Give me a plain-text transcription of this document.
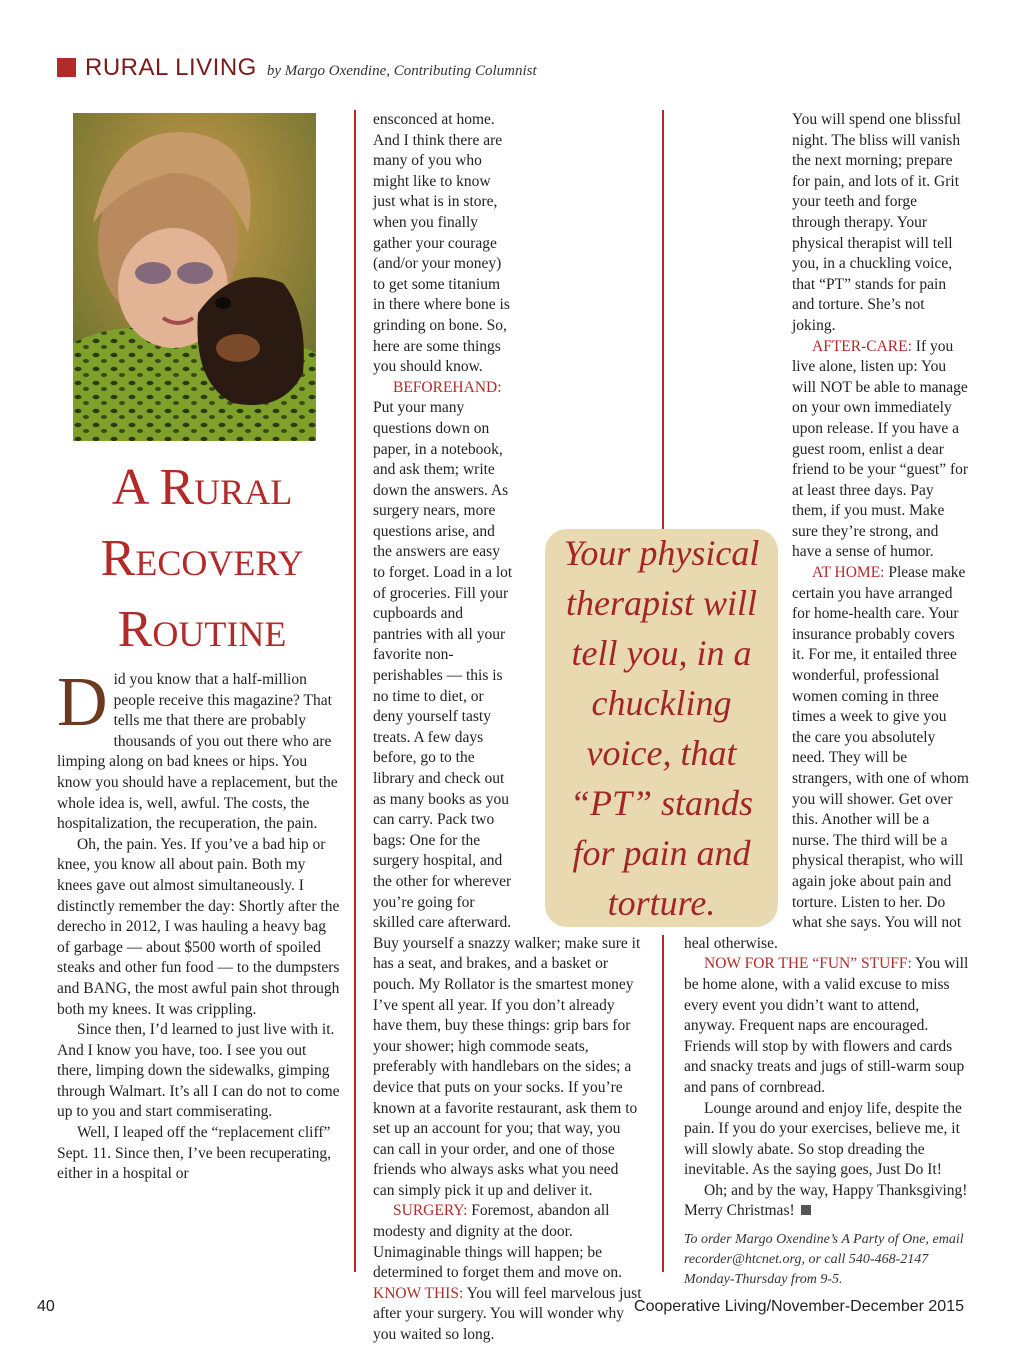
RURAL LIVING by Margo Oxendine, Contributing Columnist
A Rural
Recovery
Routine
D id you know that a half-million people receive this magazine? That tells me that there are probably thousands of you out there who are limping along on bad knees or hips. You know you should have a replacement, but the whole idea is, well, awful. The costs, the hospitalization, the recuperation, the pain.

Oh, the pain. Yes. If you’ve a bad hip or knee, you know all about pain. Both my knees gave out almost simultaneously. I distinctly remember the day: Shortly after the derecho in 2012, I was hauling a heavy bag of garbage — about $500 worth of spoiled steaks and other fun food — to the dumpsters and BANG, the most awful pain shot through both my knees. It was crippling.

Since then, I’d learned to just live with it. And I know you have, too. I see you out there, limping down the sidewalks, gimping through Walmart. It’s all I can do not to come up to you and start commiserating.

Well, I leaped off the “replacement cliff” Sept. 11. Since then, I’ve been recuperating, either in a hospital or

ensconced at home. And I think there are many of you who might like to know just what is in store, when you finally gather your courage (and/or your money) to get some titanium in there where bone is grinding on bone. So, here are some things you should know.

BEFOREHAND: Put your many questions down on paper, in a notebook, and ask them; write down the answers. As surgery nears, more questions arise, and the answers are easy to forget. Load in a lot of groceries. Fill your cupboards and pantries with all your favorite non-perishables — this is no time to diet, or deny yourself tasty treats. A few days before, go to the library and check out as many books as you can carry. Pack two bags: One for the surgery hospital, and the other for wherever you’re going for skilled care afterward. Buy yourself a snazzy walker; make sure it has a seat, and brakes, and a basket or pouch. My Rollator is the smartest money I’ve spent all year. If you don’t already have them, buy these things: grip bars for your shower; high commode seats, preferably with handlebars on the sides; a device that puts on your socks. If you’re known at a favorite restaurant, ask them to set up an account for you; that way, you can call in your order, and one of those friends who always asks what you need can simply pick it up and deliver it.

SURGERY: Foremost, abandon all modesty and dignity at the door. Unimaginable things will happen; be determined to forget them and move on. KNOW THIS: You will feel marvelous just after your surgery. You will wonder why you waited so long.

You will spend one blissful night. The bliss will vanish the next morning; prepare for pain, and lots of it. Grit your teeth and forge through therapy. Your physical therapist will tell you, in a chuckling voice, that “PT” stands for pain and torture. She’s not joking.

AFTER-CARE: If you live alone, listen up: You will NOT be able to manage on your own immediately upon release. If you have a guest room, enlist a dear friend to be your “guest” for at least three days. Pay them, if you must. Make sure they’re strong, and have a sense of humor.

AT HOME: Please make certain you have arranged for home-health care. Your insurance probably covers it. For me, it entailed three wonderful, professional women coming in three times a week to give you the care you absolutely need. They will be strangers, with one of whom you will shower. Get over this. Another will be a nurse. The third will be a physical therapist, who will again joke about pain and torture. Listen to her. Do what she says. You will not heal otherwise.

NOW FOR THE “FUN” STUFF: You will be home alone, with a valid excuse to miss every event you didn’t want to attend, anyway. Frequent naps are encouraged. Friends will stop by with flowers and cards and snacky treats and jugs of still-warm soup and pans of cornbread.

Lounge around and enjoy life, despite the pain. If you do your exercises, believe me, it will slowly abate. So stop dreading the inevitable. As the saying goes, Just Do It!

Oh; and by the way, Happy Thanksgiving! Merry Christmas!

To order Margo Oxendine’s A Party of One, email recorder@htcnet.org, or call 540-468-2147 Monday-Thursday from 9-5.

Your physical therapist will tell you, in a chuckling voice, that “PT” stands for pain and torture.
40	Cooperative Living/November-December 2015
